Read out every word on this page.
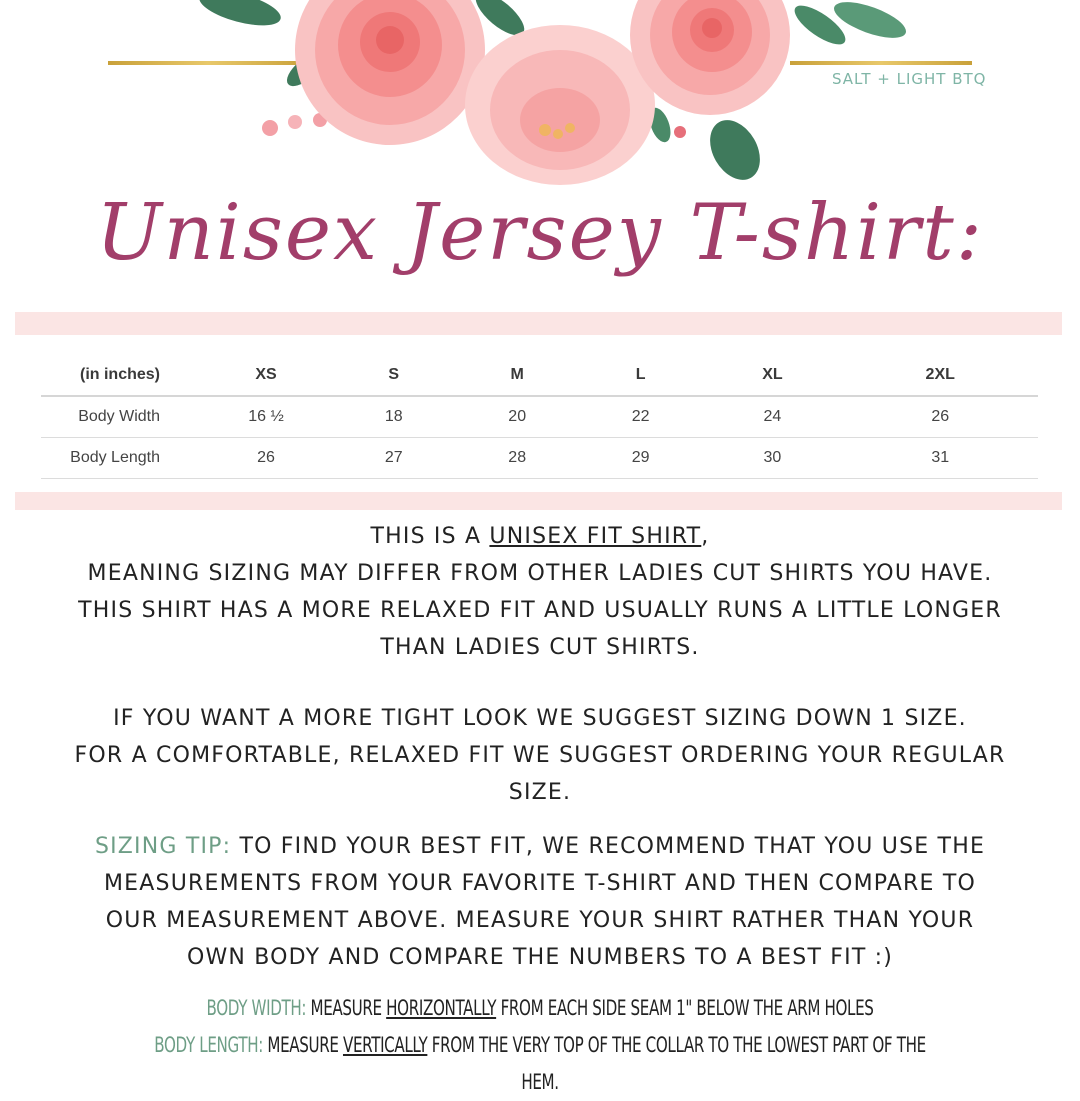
SALT + LIGHT BTQ
Unisex Jersey T-shirt:
(in inches)	XS	S	M	L	XL	2XL
Body Width	16 ½	18	20	22	24	26
Body Length	26	27	28	29	30	31
THIS IS A UNISEX FIT SHIRT,
MEANING SIZING MAY DIFFER FROM OTHER LADIES CUT SHIRTS YOU HAVE.
THIS SHIRT HAS A MORE RELAXED FIT AND USUALLY RUNS A LITTLE LONGER
THAN LADIES CUT SHIRTS.
IF YOU WANT A MORE TIGHT LOOK WE SUGGEST SIZING DOWN 1 SIZE.
FOR A COMFORTABLE, RELAXED FIT WE SUGGEST ORDERING YOUR REGULAR
SIZE.
SIZING TIP: TO FIND YOUR BEST FIT, WE RECOMMEND THAT YOU USE THE
MEASUREMENTS FROM YOUR FAVORITE T-SHIRT AND THEN COMPARE TO
OUR MEASUREMENT ABOVE. MEASURE YOUR SHIRT RATHER THAN YOUR
OWN BODY AND COMPARE THE NUMBERS TO A BEST FIT :)
BODY WIDTH: MEASURE HORIZONTALLY FROM EACH SIDE SEAM 1" BELOW THE ARM HOLES
BODY LENGTH: MEASURE VERTICALLY FROM THE VERY TOP OF THE COLLAR TO THE LOWEST PART OF THE HEM.
